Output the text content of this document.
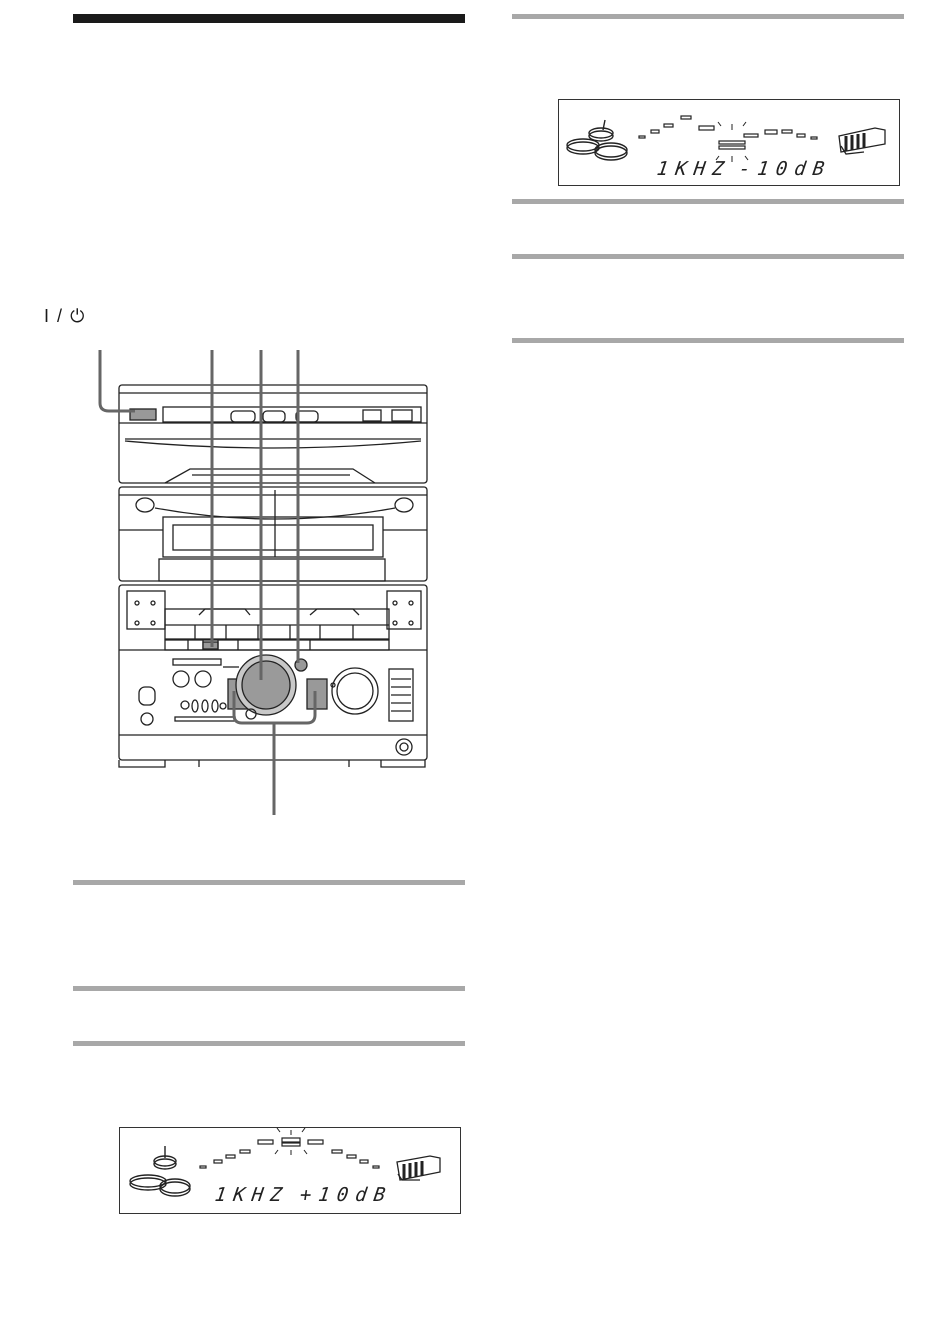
I / ⏻
1KHZ +10dB
1KHZ -10dB
